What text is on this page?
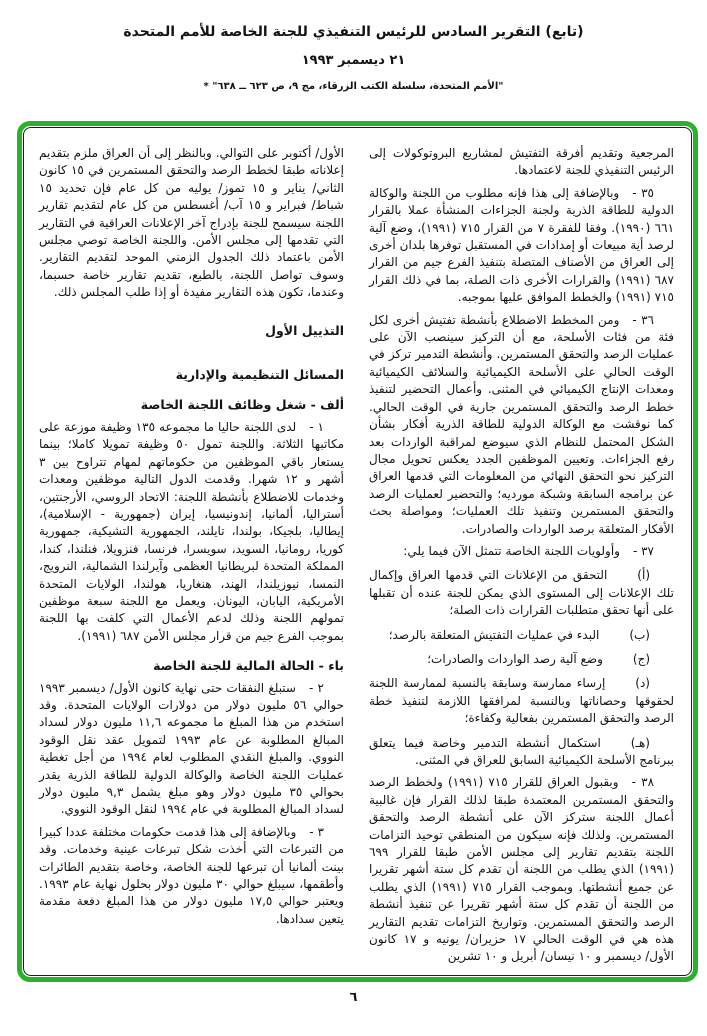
(تابع) التقرير السادس للرئيس التنفيذي للجنة الخاصة للأمم المتحدة
٢١ ديسمبر ١٩٩٣
"الأمم المتحدة، سلسلة الكتب الزرقاء، مج ٩، ص ٦٢٣ ــ ٦٣٨" *

المرجعية وتقديم أفرقة التفتيش لمشاريع البروتوكولات إلى الرئيس التنفيذي للجنة لاعتمادها.

٣٥ -وبالإضافة إلى هذا فإنه مطلوب من اللجنة والوكالة الدولية للطاقة الذرية ولجنة الجزاءات المنشأة عملا بالقرار ٦٦١ (١٩٩٠). وفقا للفقرة ٧ من القرار ٧١٥ (١٩٩١)، وضع آلية لرصد أية مبيعات أو إمدادات في المستقبل توفرها بلدان أخرى إلى العراق من الأصناف المتصلة بتنفيذ الفرع جيم من القرار ٦٨٧ (١٩٩١) والقرارات الأخرى ذات الصلة، بما في ذلك القرار ٧١٥ (١٩٩١) والخطط الموافق عليها بموجبه.

٣٦ -ومن المخطط الاضطلاع بأنشطة تفتيش أخرى لكل فئة من فئات الأسلحة، مع أن التركيز سينصب الآن على عمليات الرصد والتحقق المستمرين. وأنشطة التدمير تركز في الوقت الحالي على الأسلحة الكيميائية والسلائف الكيميائية ومعدات الإنتاج الكيميائي في المثنى. وأعمال التحضير لتنفيذ خطط الرصد والتحقق المستمرين جارية في الوقت الحالي. كما نوقشت مع الوكالة الدولية للطاقة الذرية أفكار بشأن الشكل المحتمل للنظام الذي سيوضع لمراقبة الواردات بعد رفع الجزاءات. وتعيين الموظفين الجدد يعكس تحويل مجال التركيز نحو التحقق النهائي من المعلومات التي قدمها العراق عن برامجه السابقة وشبكة مورديه؛ والتحضير لعمليات الرصد والتحقق المستمرين وتنفيذ تلك العمليات؛ ومواصلة بحث الأفكار المتعلقة برصد الواردات والصادرات.

٣٧ -وأولويات اللجنة الخاصة تتمثل الآن فيما يلي:

(أ)التحقق من الإعلانات التي قدمها العراق وإكمال تلك الإعلانات إلى المستوى الذي يمكن للجنة عنده أن تقبلها على أنها تحقق متطلبات القرارات ذات الصلة؛

(ب)البدء في عمليات التفتيش المتعلقة بالرصد؛

(ج)وضع آلية رصد الواردات والصادرات؛

(د)إرساء ممارسة وسابقة بالنسبة لممارسة اللجنة لحقوقها وحصاناتها وبالنسبة لمرافقها اللازمة لتنفيذ خطة الرصد والتحقق المستمرين بفعالية وكفاءة؛

(هـ)استكمال أنشطة التدمير وخاصة فيما يتعلق ببرنامج الأسلحة الكيميائية السابق للعراق في المثنى.

٣٨ -وبقبول العراق للقرار ٧١٥ (١٩٩١) ولخطط الرصد والتحقق المستمرين المعتمدة طبقا لذلك القرار فإن غالبية أعمال اللجنة ستركز الآن على أنشطة الرصد والتحقق المستمرين. ولذلك فإنه سيكون من المنطقي توحيد التزامات اللجنة بتقديم تقارير إلى مجلس الأمن طبقا للقرار ٦٩٩ (١٩٩١) الذي يطلب من اللجنة أن تقدم كل ستة أشهر تقريرا عن جميع أنشطتها. وبموجب القرار ٧١٥ (١٩٩١) الذي يطلب من اللجنة أن تقدم كل ستة أشهر تقريرا عن تنفيذ أنشطة الرصد والتحقق المستمرين. وتواريخ التزامات تقديم التقارير هذه هي في الوقت الحالي ١٧ حزيران/ يونيه و ١٧ كانون الأول/ ديسمبر و ١٠ نيسان/ أبريل و ١٠ تشرين

الأول/ أكتوبر على التوالي. وبالنظر إلى أن العراق ملزم بتقديم إعلاناته طبقا لخطط الرصد والتحقق المستمرين في ١٥ كانون الثاني/ يناير و ١٥ تموز/ يوليه من كل عام فإن تحديد ١٥ شباط/ فبراير و ١٥ آب/ أغسطس من كل عام لتقديم تقارير اللجنة سيسمح للجنة بإدراج آخر الإعلانات العراقية في التقارير التي تقدمها إلى مجلس الأمن. واللجنة الخاصة توصي مجلس الأمن باعتماد ذلك الجدول الزمني الموحد لتقديم التقارير. وسوف تواصل اللجنة، بالطبع، تقديم تقارير خاصة حسبما، وعندما، تكون هذه التقارير مفيدة أو إذا طلب المجلس ذلك.

التذييل الأول
المسائل التنظيمية والإدارية
ألف - شغل وظائف اللجنة الخاصة

١ -لدى اللجنة حاليا ما مجموعه ١٣٥ وظيفة موزعة على مكاتبها الثلاثة. واللجنة تمول ٥٠ وظيفة تمويلا كاملا؛ بينما يستعار باقي الموظفين من حكوماتهم لمهام تتراوح بين ٣ أشهر و ١٢ شهرا. وقدمت الدول التالية موظفين ومعدات وخدمات للاضطلاع بأنشطة اللجنة: الاتحاد الروسي، الأرجنتين، أستراليا، ألمانيا، إندونيسيا، إيران (جمهورية - الإسلامية)، إيطاليا، بلجيكا، بولندا، تايلند، الجمهورية التشيكية، جمهورية كوريا، رومانيا، السويد، سويسرا، فرنسا، فنزويلا، فنلندا، كندا، المملكة المتحدة لبريطانيا العظمى وآيرلندا الشمالية، النرويج، النمسا، نيوزيلندا، الهند، هنغاريا، هولندا، الولايات المتحدة الأمريكية، اليابان، اليونان. ويعمل مع اللجنة سبعة موظفين تمولهم اللجنة وذلك لدعم الأعمال التي كلفت بها اللجنة بموجب الفرع جيم من قرار مجلس الأمن ٦٨٧ (١٩٩١).

باء - الحالة المالية للجنة الخاصة

٢ -ستبلغ النفقات حتى نهاية كانون الأول/ ديسمبر ١٩٩٣ حوالي ٥٦ مليون دولار من دولارات الولايات المتحدة. وقد استخدم من هذا المبلغ ما مجموعه ١١,٦ مليون دولار لسداد المبالغ المطلوبة عن عام ١٩٩٣ لتمويل عقد نقل الوقود النووي. والمبلغ النقدي المطلوب لعام ١٩٩٤ من أجل تغطية عمليات اللجنة الخاصة والوكالة الدولية للطاقة الذرية يقدر بحوالي ٣٥ مليون دولار وهو مبلغ يشمل ٩,٣ مليون دولار لسداد المبالغ المطلوبة في عام ١٩٩٤ لنقل الوقود النووي.

٣ -وبالإضافة إلى هذا قدمت حكومات مختلفة عددا كبيرا من التبرعات التي أخذت شكل تبرعات عينية وخدمات. وقد بينت ألمانيا أن تبرعها للجنة الخاصة، وخاصة بتقديم الطائرات وأطقمها، سيبلغ حوالي ٣٠ مليون دولار بحلول نهاية عام ١٩٩٣. ويعتبر حوالي ١٧,٥ مليون دولار من هذا المبلغ دفعة مقدمة يتعين سدادها.

٦
